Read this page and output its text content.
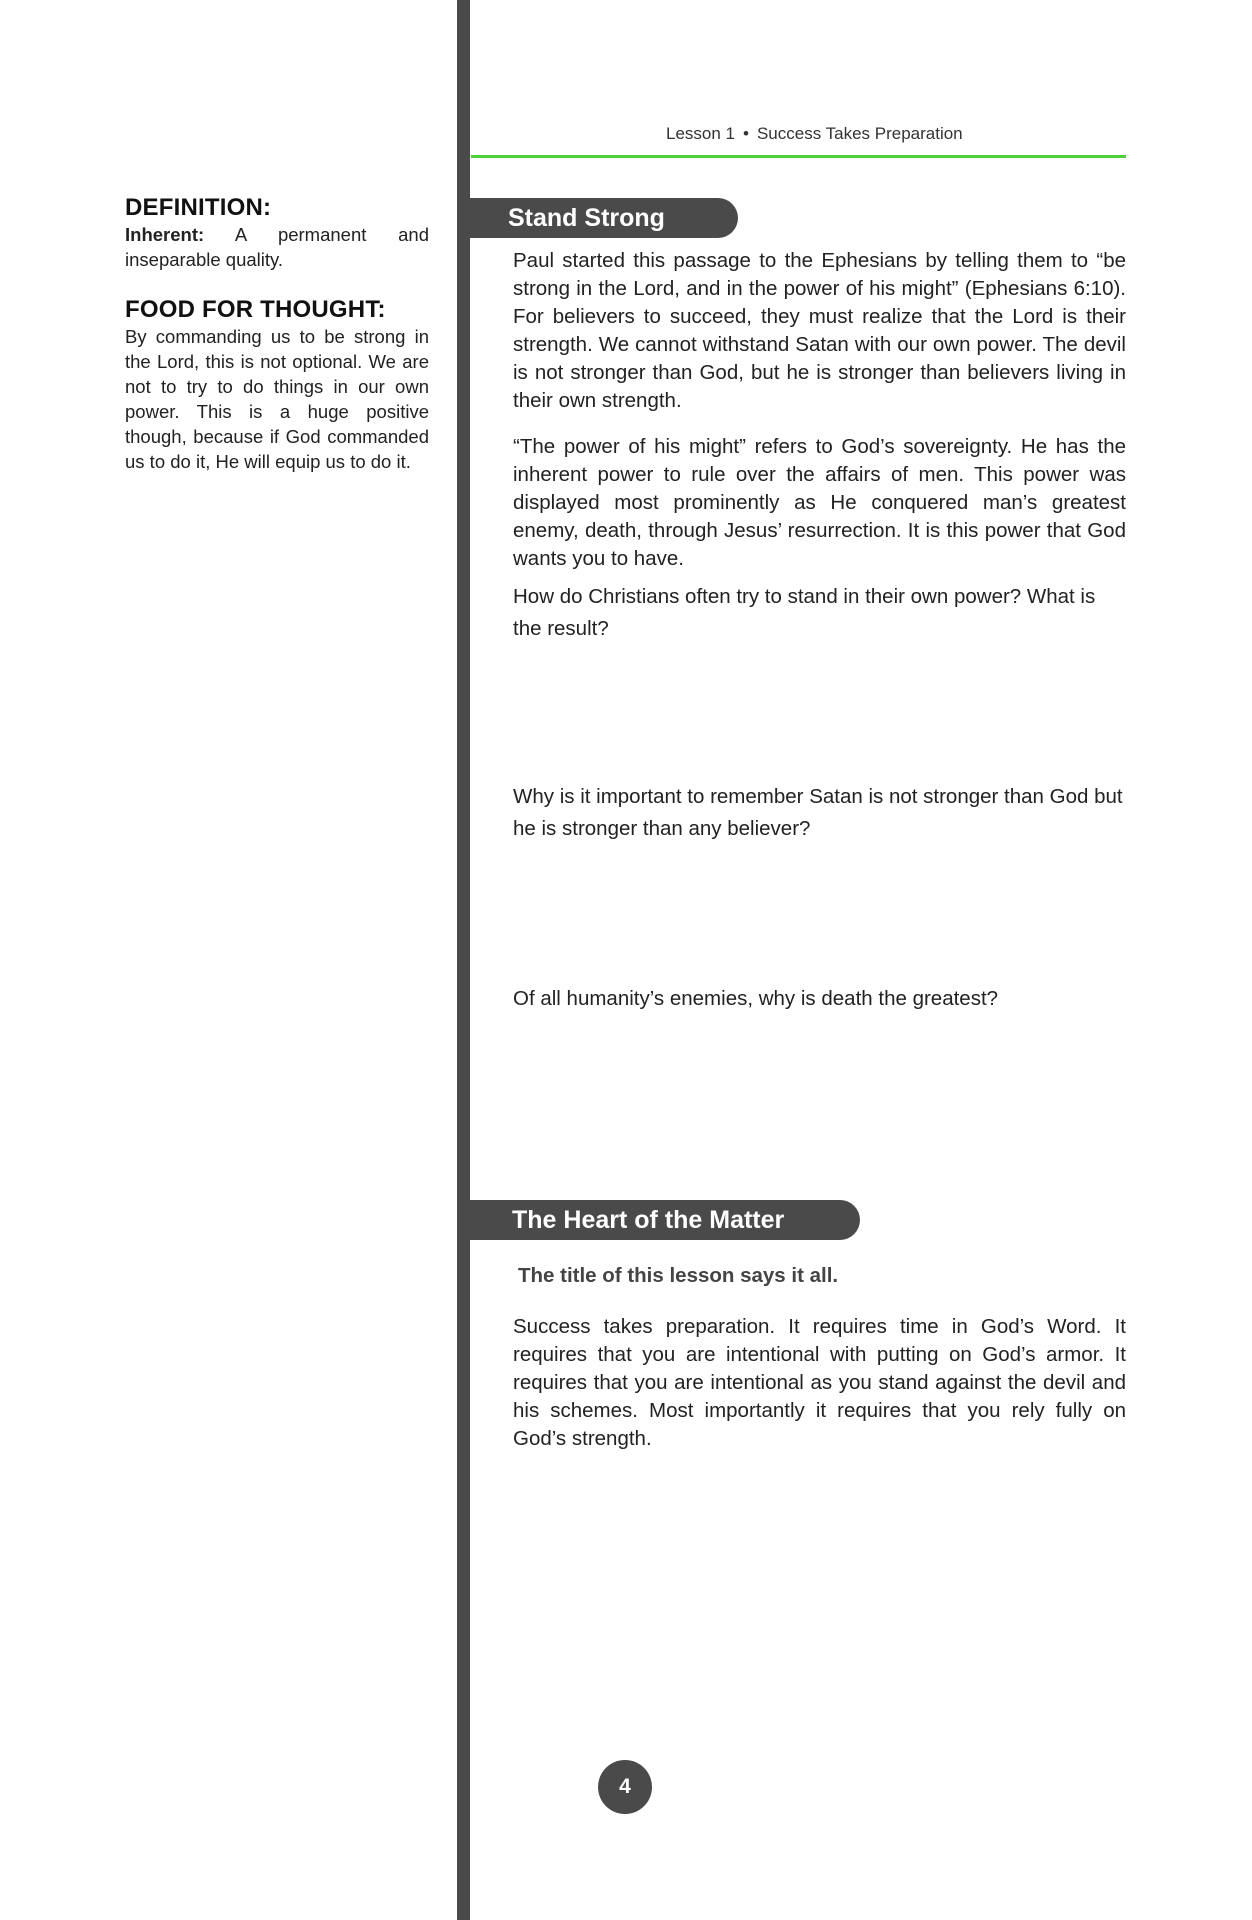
Lesson 1 • Success Takes Preparation
DEFINITION:

Inherent: A permanent and inseparable quality.

FOOD FOR THOUGHT:

By commanding us to be strong in the Lord, this is not optional. We are not to try to do things in our own power. This is a huge positive though, because if God commanded us to do it, He will equip us to do it.

Stand Strong

Paul started this passage to the Ephesians by telling them to “be strong in the Lord, and in the power of his might” (Ephesians 6:10). For believers to succeed, they must realize that the Lord is their strength. We cannot withstand Satan with our own power. The devil is not stronger than God, but he is stronger than believers living in their own strength.

“The power of his might” refers to God’s sovereignty. He has the inherent power to rule over the affairs of men. This power was displayed most prominently as He conquered man’s greatest enemy, death, through Jesus’ resurrection. It is this power that God wants you to have.

How do Christians often try to stand in their own power? What is the result?
Why is it important to remember Satan is not stronger than God but he is stronger than any believer?
Of all humanity’s enemies, why is death the greatest?
The Heart of the Matter
The title of this lesson says it all.

Success takes preparation. It requires time in God’s Word. It requires that you are intentional with putting on God’s armor. It requires that you are intentional as you stand against the devil and his schemes. Most importantly it requires that you rely fully on God’s strength.

4
